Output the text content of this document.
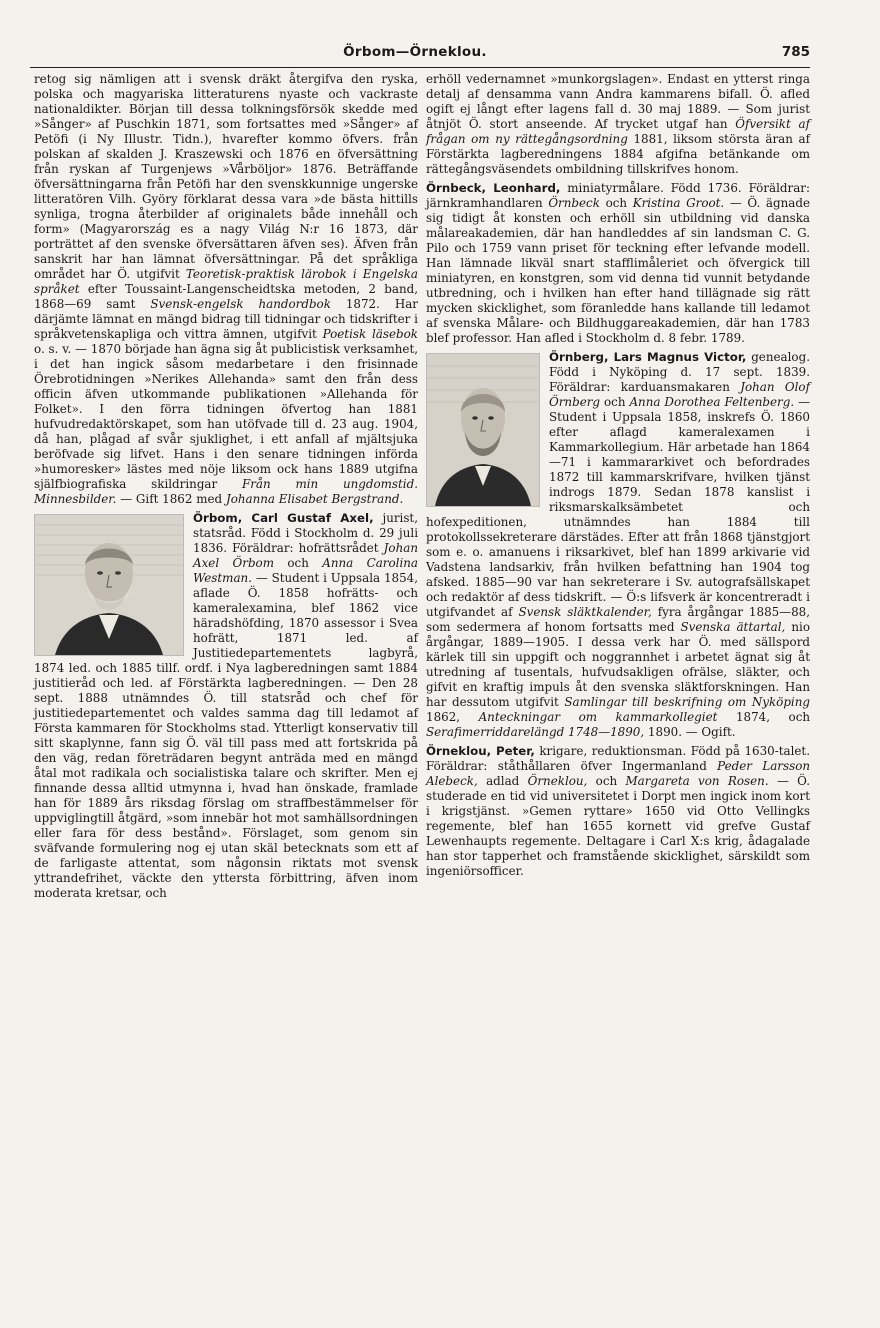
Örbom—Örneklou.	785

retog sig nämligen att i svensk dräkt återgifva den ryska, polska och magyariska litteraturens nyaste och vackraste nationaldikter. Början till dessa tolkningsförsök skedde med »Sånger» af Puschkin 1871, som fortsattes med »Sånger» af Petöfi (i Ny Illustr. Tidn.), hvarefter kommo öfvers. från polskan af skalden J. Kraszewski och 1876 en öfversättning från ryskan af Turgenjews »Vårböljor» 1876. Beträffande öfversättningarna från Petöfi har den svenskkunnige ungerske litteratören Vilh. Györy förklarat dessa vara »de bästa hittills synliga, trogna återbilder af originalets både innehåll och form» (Magyarország es a nagy Világ N:r 16 1873, där porträttet af den svenske öfversättaren äfven ses). Äfven från sanskrit har han lämnat öfversättningar. På det språkliga området har Ö. utgifvit Teoretisk-praktisk lärobok i Engelska språket efter Toussaint-Langenscheidtska metoden, 2 band, 1868—69 samt Svensk-engelsk handordbok 1872. Har därjämte lämnat en mängd bidrag till tidningar och tidskrifter i språkvetenskapliga och vittra ämnen, utgifvit Poetisk läsebok o. s. v. — 1870 började han ägna sig åt publicistisk verksamhet, i det han ingick såsom medarbetare i den frisinnade Örebrotidningen »Nerikes Allehanda» samt den från dess officin äfven utkommande publikationen »Allehanda för Folket». I den förra tidningen öfvertog han 1881 hufvudredaktörskapet, som han utöfvade till d. 23 aug. 1904, då han, plågad af svår sjuklighet, i ett anfall af mjältsjuka beröfvade sig lifvet. Hans i den senare tidningen införda »humoresker» lästes med nöje liksom ock hans 1889 utgifna själfbiografiska skildringar Från min ungdomstid. Minnesbilder. — Gift 1862 med Johanna Elisabet Bergstrand.

Örbom, Carl Gustaf Axel, jurist, statsråd. Född i Stockholm d. 29 juli 1836. Föräldrar: hofrättsrådet Johan Axel Örbom och Anna Carolina Westman. — Student i Uppsala 1854, aflade Ö. 1858 hofrätts- och kameralexamina, blef 1862 vice häradshöfding, 1870 assessor i Svea hofrätt, 1871 led. af Justitiedepartementets lagbyrå, 1874 led. och 1885 tillf. ordf. i Nya lagberedningen samt 1884 justitieråd och led. af Förstärkta lagberedningen. — Den 28 sept. 1888 utnämndes Ö. till statsråd och chef för justitiedepartementet och valdes samma dag till ledamot af Första kammaren för Stockholms stad. Ytterligt konservativ till sitt skaplynne, fann sig Ö. väl till pass med att fortskrida på den väg, redan företrädaren begynt anträda med en mängd åtal mot radikala och socialistiska talare och skrifter. Men ej finnande dessa alltid utmynna i, hvad han önskade, framlade han för 1889 års riksdag förslag om straffbestämmelser för uppviglingtill åtgärd, »som innebär hot mot samhällsordningen eller fara för dess bestånd». Förslaget, som genom sin sväfvande formulering nog ej utan skäl betecknats som ett af de farligaste attentat, som någonsin riktats mot svensk yttrandefrihet, väckte den yttersta förbittring, äfven inom moderata kretsar, och

erhöll vedernamnet »munkorgslagen». Endast en ytterst ringa detalj af densamma vann Andra kammarens bifall. Ö. afled ogift ej långt efter lagens fall d. 30 maj 1889. — Som jurist åtnjöt Ö. stort anseende. Af trycket utgaf han Öfversikt af frågan om ny rättegångsordning 1881, liksom största äran af Förstärkta lagberedningens 1884 afgifna betänkande om rättegångsväsendets ombildning tillskrifves honom.

Örnbeck, Leonhard, miniatyrmålare. Född 1736. Föräldrar: järnkramhandlaren Örnbeck och Kristina Groot. — Ö. ägnade sig tidigt åt konsten och erhöll sin utbildning vid danska målareakademien, där han handleddes af sin landsman C. G. Pilo och 1759 vann priset för teckning efter lefvande modell. Han lämnade likväl snart stafflimåleriet och öfvergick till miniatyren, en konstgren, som vid denna tid vunnit betydande utbredning, och i hvilken han efter hand tillägnade sig rätt mycken skicklighet, som föranledde hans kallande till ledamot af svenska Målare- och Bildhuggareakademien, där han 1783 blef professor. Han afled i Stockholm d. 8 febr. 1789.

Örnberg, Lars Magnus Victor, genealog. Född i Nyköping d. 17 sept. 1839. Föräldrar: karduansmakaren Johan Olof Örnberg och Anna Dorothea Feltenberg. — Student i Uppsala 1858, inskrefs Ö. 1860 efter aflagd kameralexamen i Kammarkollegium. Här arbetade han 1864—71 i kammararkivet och befordrades 1872 till kammarskrifvare, hvilken tjänst indrogs 1879. Sedan 1878 kanslist i riksmarskalksämbetet och hofexpeditionen, utnämndes han 1884 till protokollssekreterare därstädes. Efter att från 1868 tjänstgjort som e. o. amanuens i riksarkivet, blef han 1899 arkivarie vid Vadstena landsarkiv, från hvilken befattning han 1904 tog afsked. 1885—90 var han sekreterare i Sv. autografsällskapet och redaktör af dess tidskrift. — Ö:s lifsverk är koncentreradt i utgifvandet af Svensk släktkalender, fyra årgångar 1885—88, som sedermera af honom fortsatts med Svenska ättartal, nio årgångar, 1889—1905. I dessa verk har Ö. med sällspord kärlek till sin uppgift och noggrannhet i arbetet ägnat sig åt utredning af tusentals, hufvudsakligen ofrälse, släkter, och gifvit en kraftig impuls åt den svenska släktforskningen. Han har dessutom utgifvit Samlingar till beskrifning om Nyköping 1862, Anteckningar om kammarkollegiet 1874, och Serafimerriddarelängd 1748—1890, 1890. — Ogift.

Örneklou, Peter, krigare, reduktionsman. Född på 1630-talet. Föräldrar: ståthållaren öfver Ingermanland Peder Larsson Alebeck, adlad Örneklou, och Margareta von Rosen. — Ö. studerade en tid vid universitetet i Dorpt men ingick inom kort i krigstjänst. »Gemen ryttare» 1650 vid Otto Vellingks regemente, blef han 1655 kornett vid grefve Gustaf Lewenhaupts regemente. Deltagare i Carl X:s krig, ådagalade han stor tapperhet och framstående skicklighet, särskildt som ingeniörsofficer.
